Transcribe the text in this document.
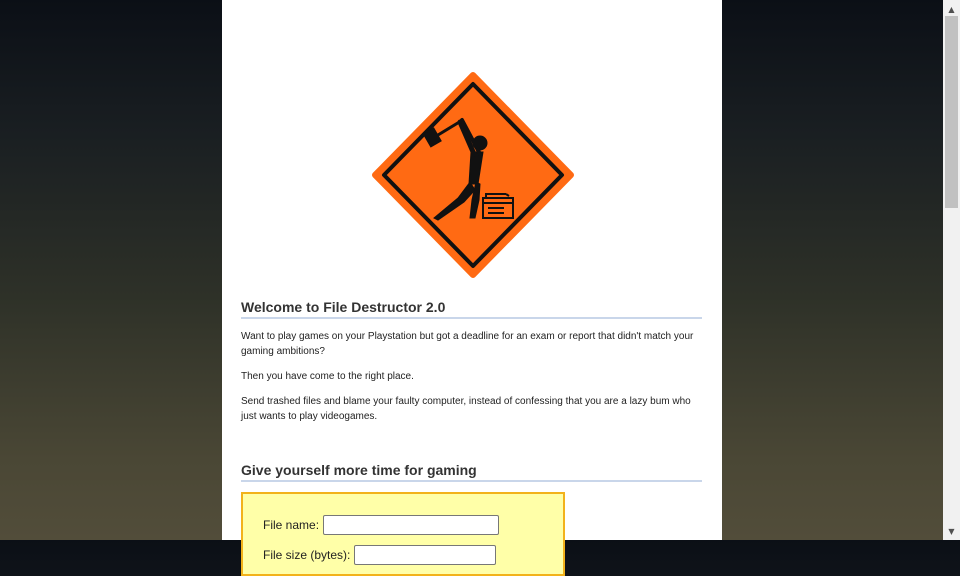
Welcome to File Destructor 2.0

Want to play games on your Playstation but got a deadline for an exam or report that didn't match your gaming ambitions?

Then you have come to the right place.

Send trashed files and blame your faulty computer, instead of confessing that you are a lazy bum who just wants to play videogames.

Give yourself more time for gaming
File name:
File size (bytes):
▲
▼
